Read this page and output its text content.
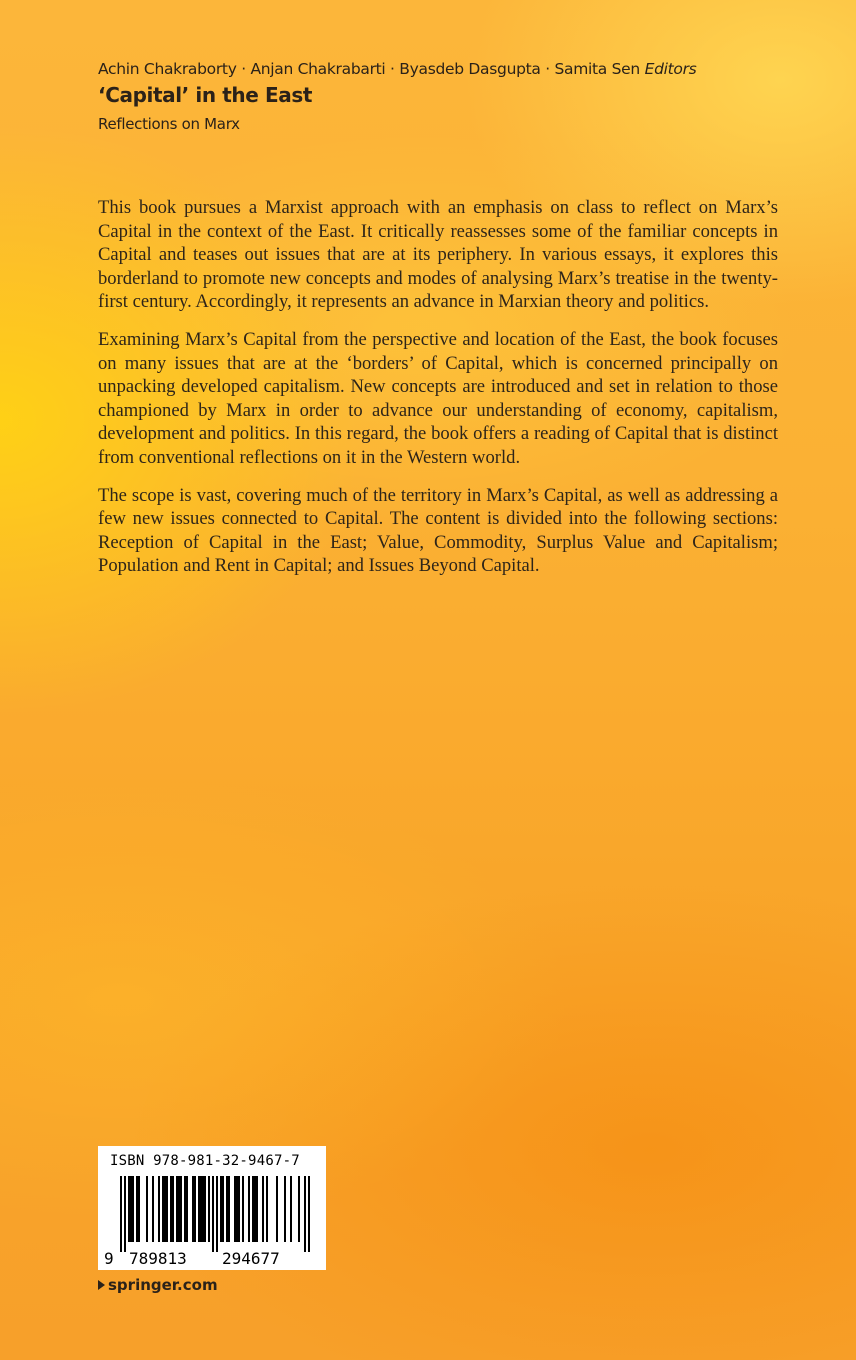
Achin Chakraborty · Anjan Chakrabarti · Byasdeb Dasgupta · Samita Sen Editors
‘Capital’ in the East
Reflections on Marx

This book pursues a Marxist approach with an emphasis on class to reflect on Marx’s Capital in the context of the East. It critically reassesses some of the familiar concepts in Capital and teases out issues that are at its periphery. In various essays, it explores this borderland to promote new concepts and modes of analysing Marx’s treatise in the twenty-first century. Accordingly, it represents an advance in Marxian theory and politics.

Examining Marx’s Capital from the perspective and location of the East, the book focuses on many issues that are at the ‘borders’ of Capital, which is concerned principally on unpacking developed capitalism. New concepts are introduced and set in relation to those championed by Marx in order to advance our understanding of economy, capitalism, development and politics. In this regard, the book offers a reading of Capital that is distinct from conventional reflections on it in the Western world.

The scope is vast, covering much of the territory in Marx’s Capital, as well as addressing a few new issues connected to Capital. The content is divided into the following sections: Reception of Capital in the East; Value, Commodity, Surplus Value and Capitalism; Population and Rent in Capital; and Issues Beyond Capital.

ISBN 978-981-32-9467-7
9 789813 294677
springer.com
